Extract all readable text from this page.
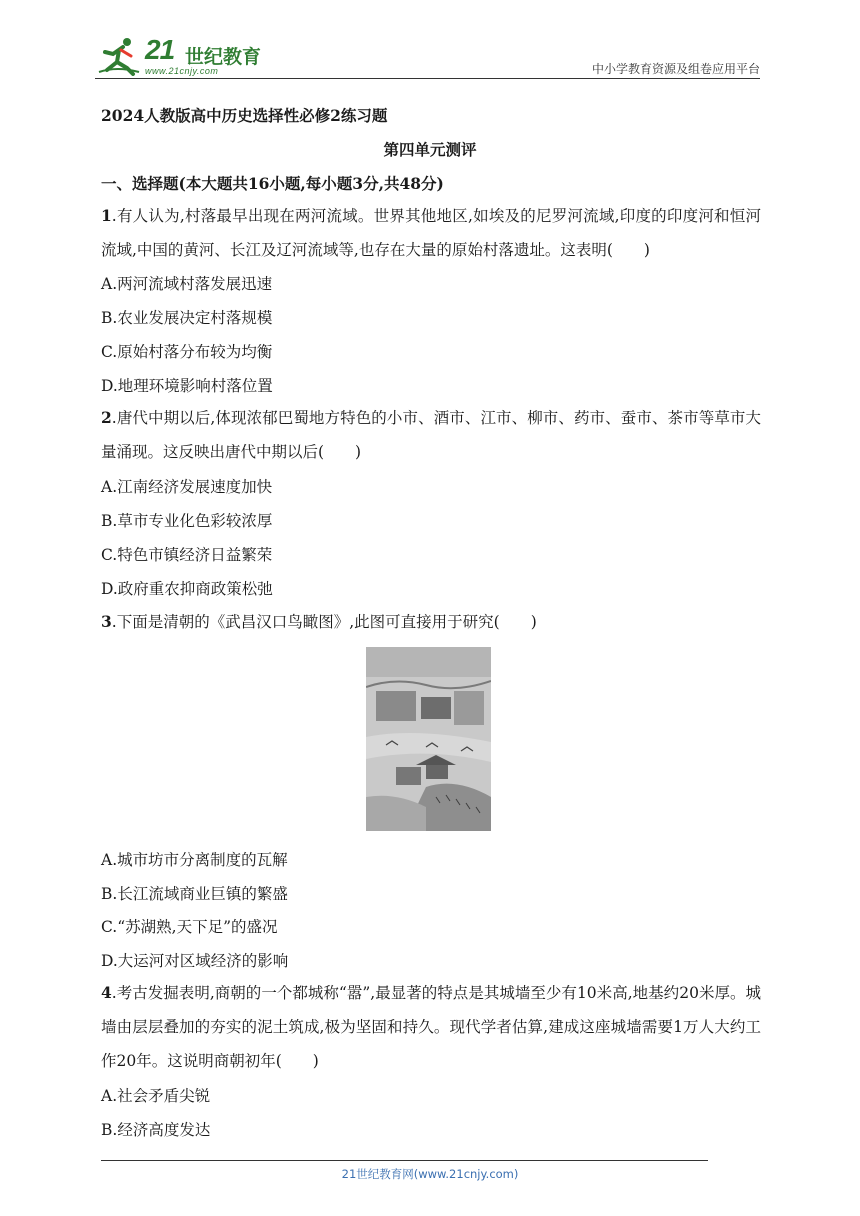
21 世纪教育
www.21cnjy.com	中小学教育资源及组卷应用平台
2024人教版高中历史选择性必修2练习题
第四单元测评
一、选择题(本大题共16小题,每小题3分,共48分)
1.有人认为,村落最早出现在两河流域。世界其他地区,如埃及的尼罗河流域,印度的印度河和恒河流域,中国的黄河、长江及辽河流域等,也存在大量的原始村落遗址。这表明(　　)
A.两河流域村落发展迅速
B.农业发展决定村落规模
C.原始村落分布较为均衡
D.地理环境影响村落位置
2.唐代中期以后,体现浓郁巴蜀地方特色的小市、酒市、江市、柳市、药市、蚕市、茶市等草市大量涌现。这反映出唐代中期以后(　　)
A.江南经济发展速度加快
B.草市专业化色彩较浓厚
C.特色市镇经济日益繁荣
D.政府重农抑商政策松弛
3.下面是清朝的《武昌汉口鸟瞰图》,此图可直接用于研究(　　)
A.城市坊市分离制度的瓦解
B.长江流域商业巨镇的繁盛
C.“苏湖熟,天下足”的盛况
D.大运河对区域经济的影响
4.考古发掘表明,商朝的一个都城称“嚣”,最显著的特点是其城墙至少有10米高,地基约20米厚。城墙由层层叠加的夯实的泥土筑成,极为坚固和持久。现代学者估算,建成这座城墙需要1万人大约工作20年。这说明商朝初年(　　)
A.社会矛盾尖锐
B.经济高度发达
21世纪教育网(www.21cnjy.com)
